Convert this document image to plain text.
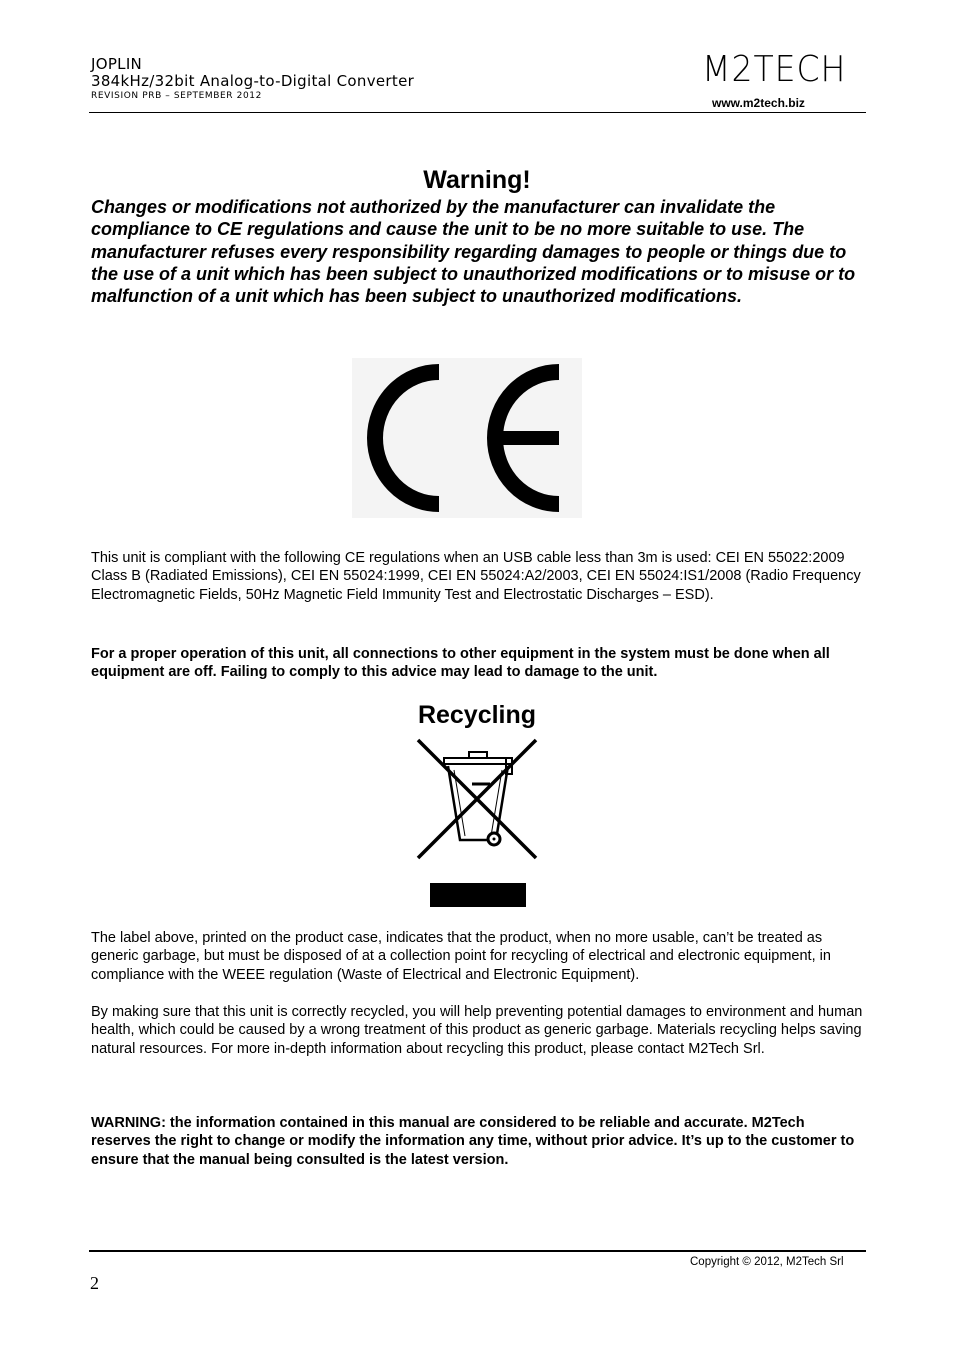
JOPLIN
384kHz/32bit Analog-to-Digital Converter
REVISION PRB – SEPTEMBER 2012
M2TECH
www.m2tech.biz
Warning!
Changes or modifications not authorized by the manufacturer can invalidate the compliance to CE regulations and cause the unit to be no more suitable to use. The manufacturer refuses every responsibility regarding damages to people or things due to the use of a unit which has been subject to unauthorized modifications or to misuse or to malfunction of a unit which has been subject to unauthorized modifications.
This unit is compliant with the following CE regulations when an USB cable less than 3m is used: CEI EN 55022:2009 Class B (Radiated Emissions), CEI EN 55024:1999, CEI EN 55024:A2/2003, CEI EN 55024:IS1/2008 (Radio Frequency Electromagnetic Fields, 50Hz Magnetic Field Immunity Test and Electrostatic Discharges – ESD).
For a proper operation of this unit, all connections to other equipment in the system must be done when all equipment are off. Failing to comply to this advice may lead to damage to the unit.
Recycling
The label above, printed on the product case, indicates that the product, when no more usable, can’t be treated as generic garbage, but must be disposed of at a collection point for recycling of electrical and electronic equipment, in compliance with the WEEE regulation (Waste of Electrical and Electronic Equipment).
By making sure that this unit is correctly recycled, you will help preventing potential damages to environment and human health, which could be caused by a wrong treatment of this product as generic garbage. Materials recycling helps saving natural resources. For more in-depth information about recycling this product, please contact M2Tech Srl.
WARNING: the information contained in this manual are considered to be reliable and accurate. M2Tech reserves the right to change or modify the information any time, without prior advice. It’s up to the customer to ensure that the manual being consulted is the latest version.
Copyright © 2012, M2Tech Srl
2
